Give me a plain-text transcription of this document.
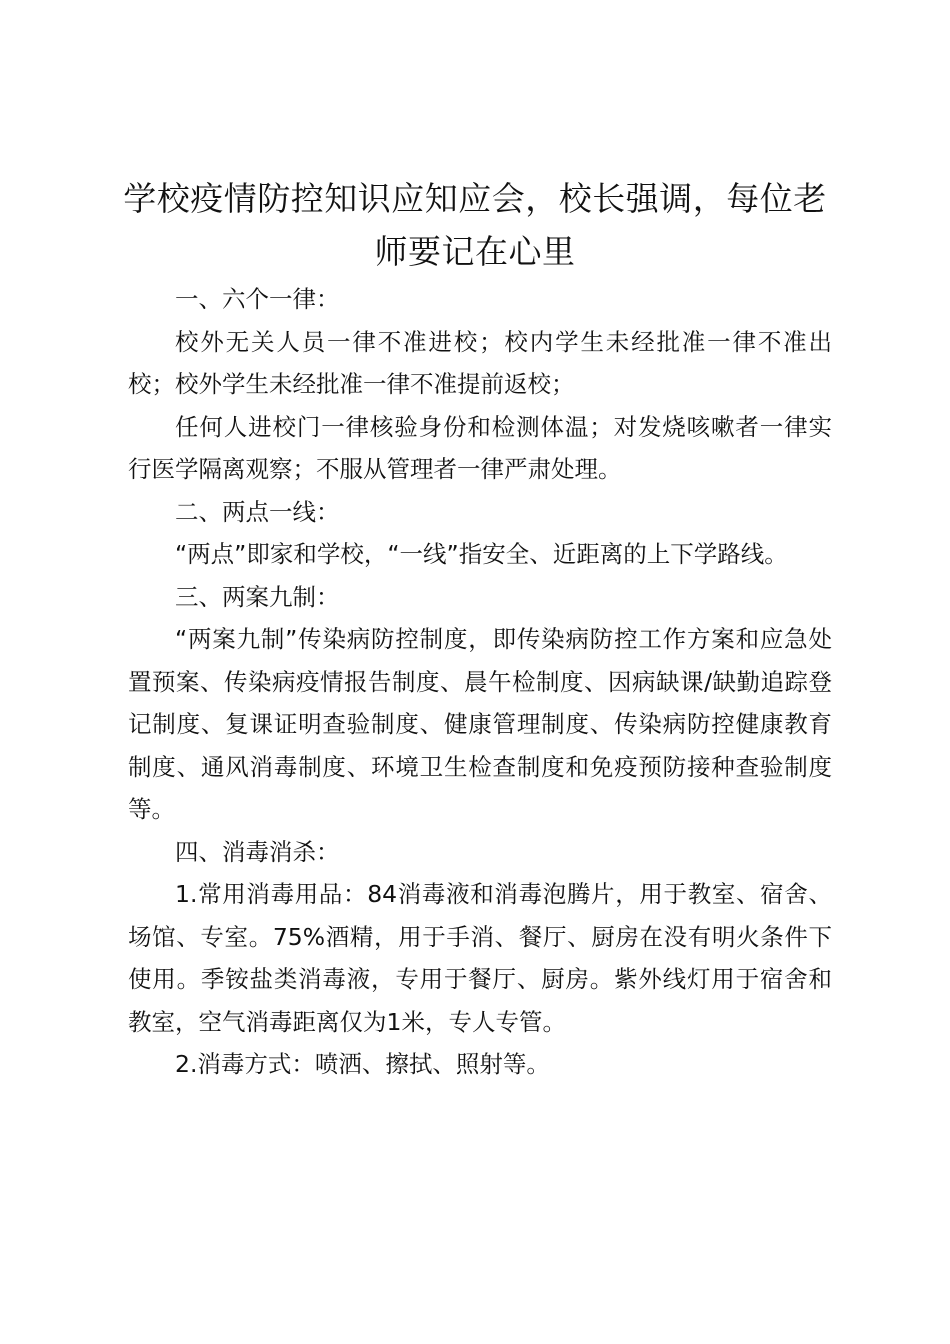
学校疫情防控知识应知应会，校长强调，每位老师要记在心里

一、六个一律：

校外无关人员一律不准进校；校内学生未经批准一律不准出校；校外学生未经批准一律不准提前返校；

任何人进校门一律核验身份和检测体温；对发烧咳嗽者一律实行医学隔离观察；不服从管理者一律严肃处理。

二、两点一线：

“两点”即家和学校，“一线”指安全、近距离的上下学路线。

三、两案九制：

“两案九制”传染病防控制度，即传染病防控工作方案和应急处置预案、传染病疫情报告制度、晨午检制度、因病缺课/缺勤追踪登记制度、复课证明查验制度、健康管理制度、传染病防控健康教育制度、通风消毒制度、环境卫生检查制度和免疫预防接种查验制度等。

四、消毒消杀：

1.常用消毒用品：84消毒液和消毒泡腾片，用于教室、宿舍、场馆、专室。75%酒精，用于手消、餐厅、厨房在没有明火条件下使用。季铵盐类消毒液，专用于餐厅、厨房。紫外线灯用于宿舍和教室，空气消毒距离仅为1米，专人专管。

2.消毒方式：喷洒、擦拭、照射等。
